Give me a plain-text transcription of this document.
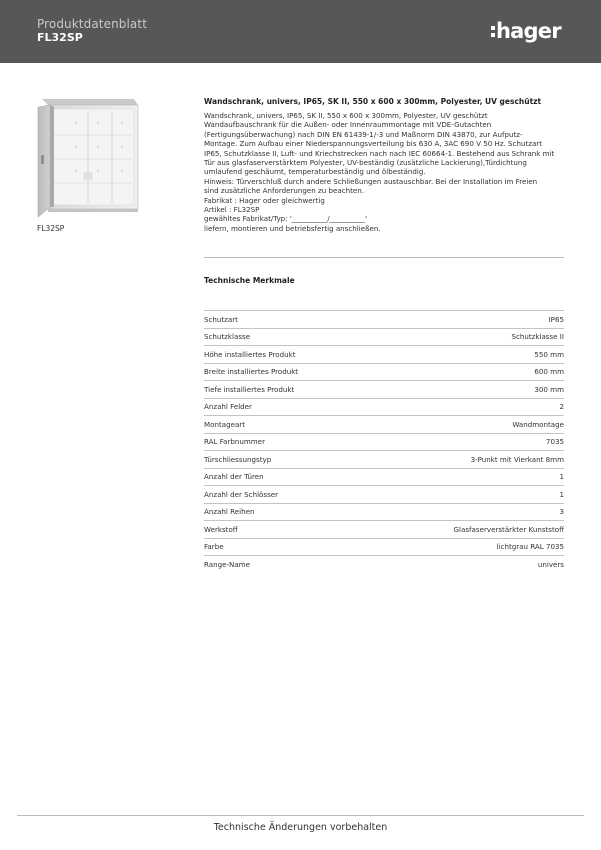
Produktdatenblatt
FL32SP	hager
FL32SP
Wandschrank, univers, IP65, SK II, 550 x 600 x 300mm, Polyester, UV geschützt
Wandschrank, univers, IP65, SK II, 550 x 600 x 300mm, Polyester, UV geschützt
Wandaufbauschrank für die Außen- oder Innenraummontage mit VDE-Gutachten
(Fertigungsüberwachung) nach DIN EN 61439-1/-3 und Maßnorm DIN 43870, zur Aufputz-
Montage. Zum Aufbau einer Niederspannungsverteilung bis 630 A, 3AC 690 V 50 Hz. Schutzart
IP65, Schutzklasse II, Luft- und Kriechstrecken nach nach IEC 60664-1. Bestehend aus Schrank mit
Tür aus glasfaserverstärktem Polyester, UV-beständig (zusätzliche Lackierung),Türdichtung
umlaufend geschäumt, temperaturbeständig und ölbeständig.
Hinweis: Türverschluß durch andere Schließungen austauschbar. Bei der Installation im Freien
sind zusätzliche Anforderungen zu beachten.
Fabrikat : Hager oder gleichwertig
Artikel : FL32SP
gewähltes Fabrikat/Typ: '__________/__________'
liefern, montieren und betriebsfertig anschließen.
Technische Merkmale
Schutzart	IP65
Schutzklasse	Schutzklasse II
Höhe installiertes Produkt	550 mm
Breite installiertes Produkt	600 mm
Tiefe installiertes Produkt	300 mm
Anzahl Felder	2
Montageart	Wandmontage
RAL Farbnummer	7035
Türschliessungstyp	3-Punkt mit Vierkant 8mm
Anzahl der Türen	1
Anzahl der Schlösser	1
Anzahl Reihen	3
Werkstoff	Glasfaserverstärkter Kunststoff
Farbe	lichtgrau RAL 7035
Range-Name	univers
Technische Änderungen vorbehalten
